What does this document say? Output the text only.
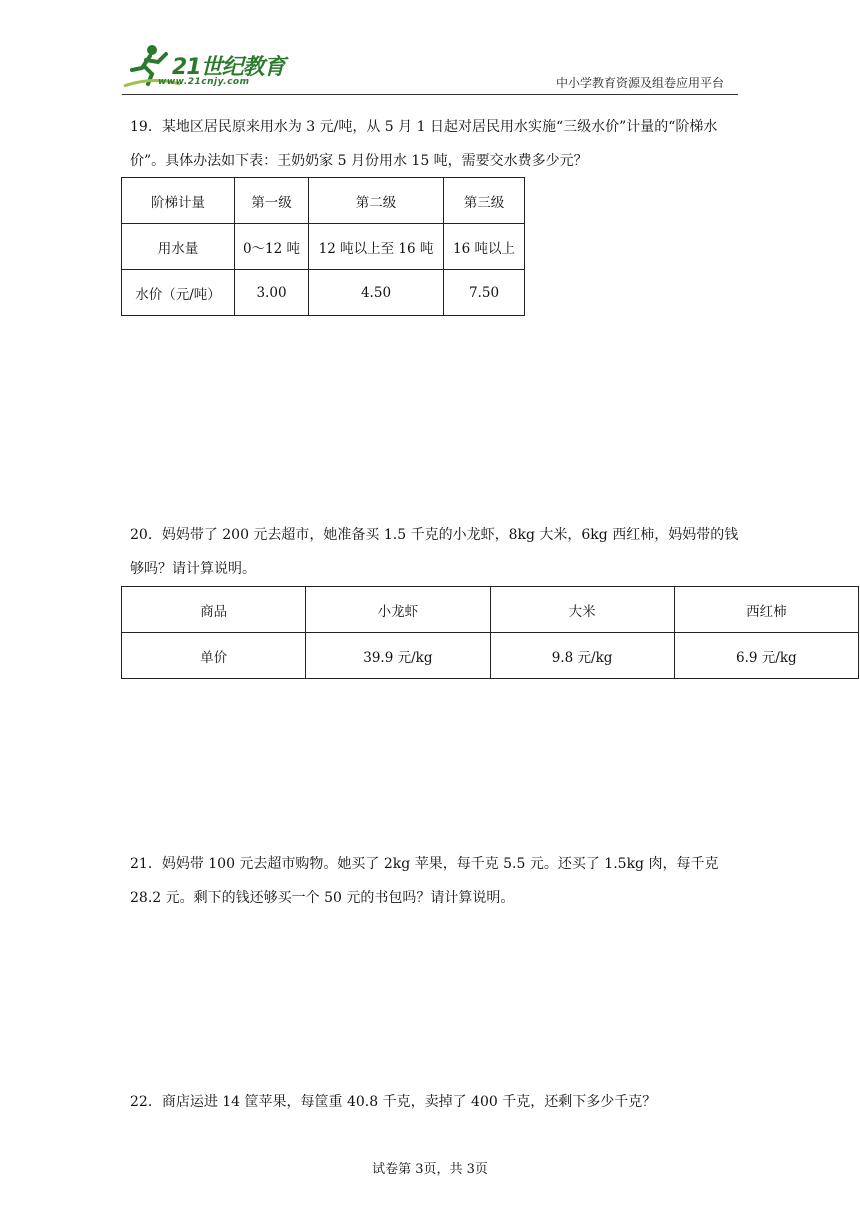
21世纪教育
www.21cnjy.com	中小学教育资源及组卷应用平台

19．某地区居民原来用水为 3 元/吨，从 5 月 1 日起对居民用水实施“三级水价”计量的“阶梯水价”。具体办法如下表：王奶奶家 5 月份用水 15 吨，需要交水费多少元？

阶梯计量	第一级	第二级	第三级
用水量	0～12 吨	12 吨以上至 16 吨	16 吨以上
水价（元/吨）	3.00	4.50	7.50

20．妈妈带了 200 元去超市，她准备买 1.5 千克的小龙虾，8kg 大米，6kg 西红柿，妈妈带的钱够吗？请计算说明。

商品	小龙虾	大米	西红柿
单价	39.9 元/kg	9.8 元/kg	6.9 元/kg

21．妈妈带 100 元去超市购物。她买了 2kg 苹果，每千克 5.5 元。还买了 1.5kg 肉，每千克 28.2 元。剩下的钱还够买一个 50 元的书包吗？请计算说明。

22．商店运进 14 筐苹果，每筐重 40.8 千克，卖掉了 400 千克，还剩下多少千克？

试卷第 3页，共 3页
